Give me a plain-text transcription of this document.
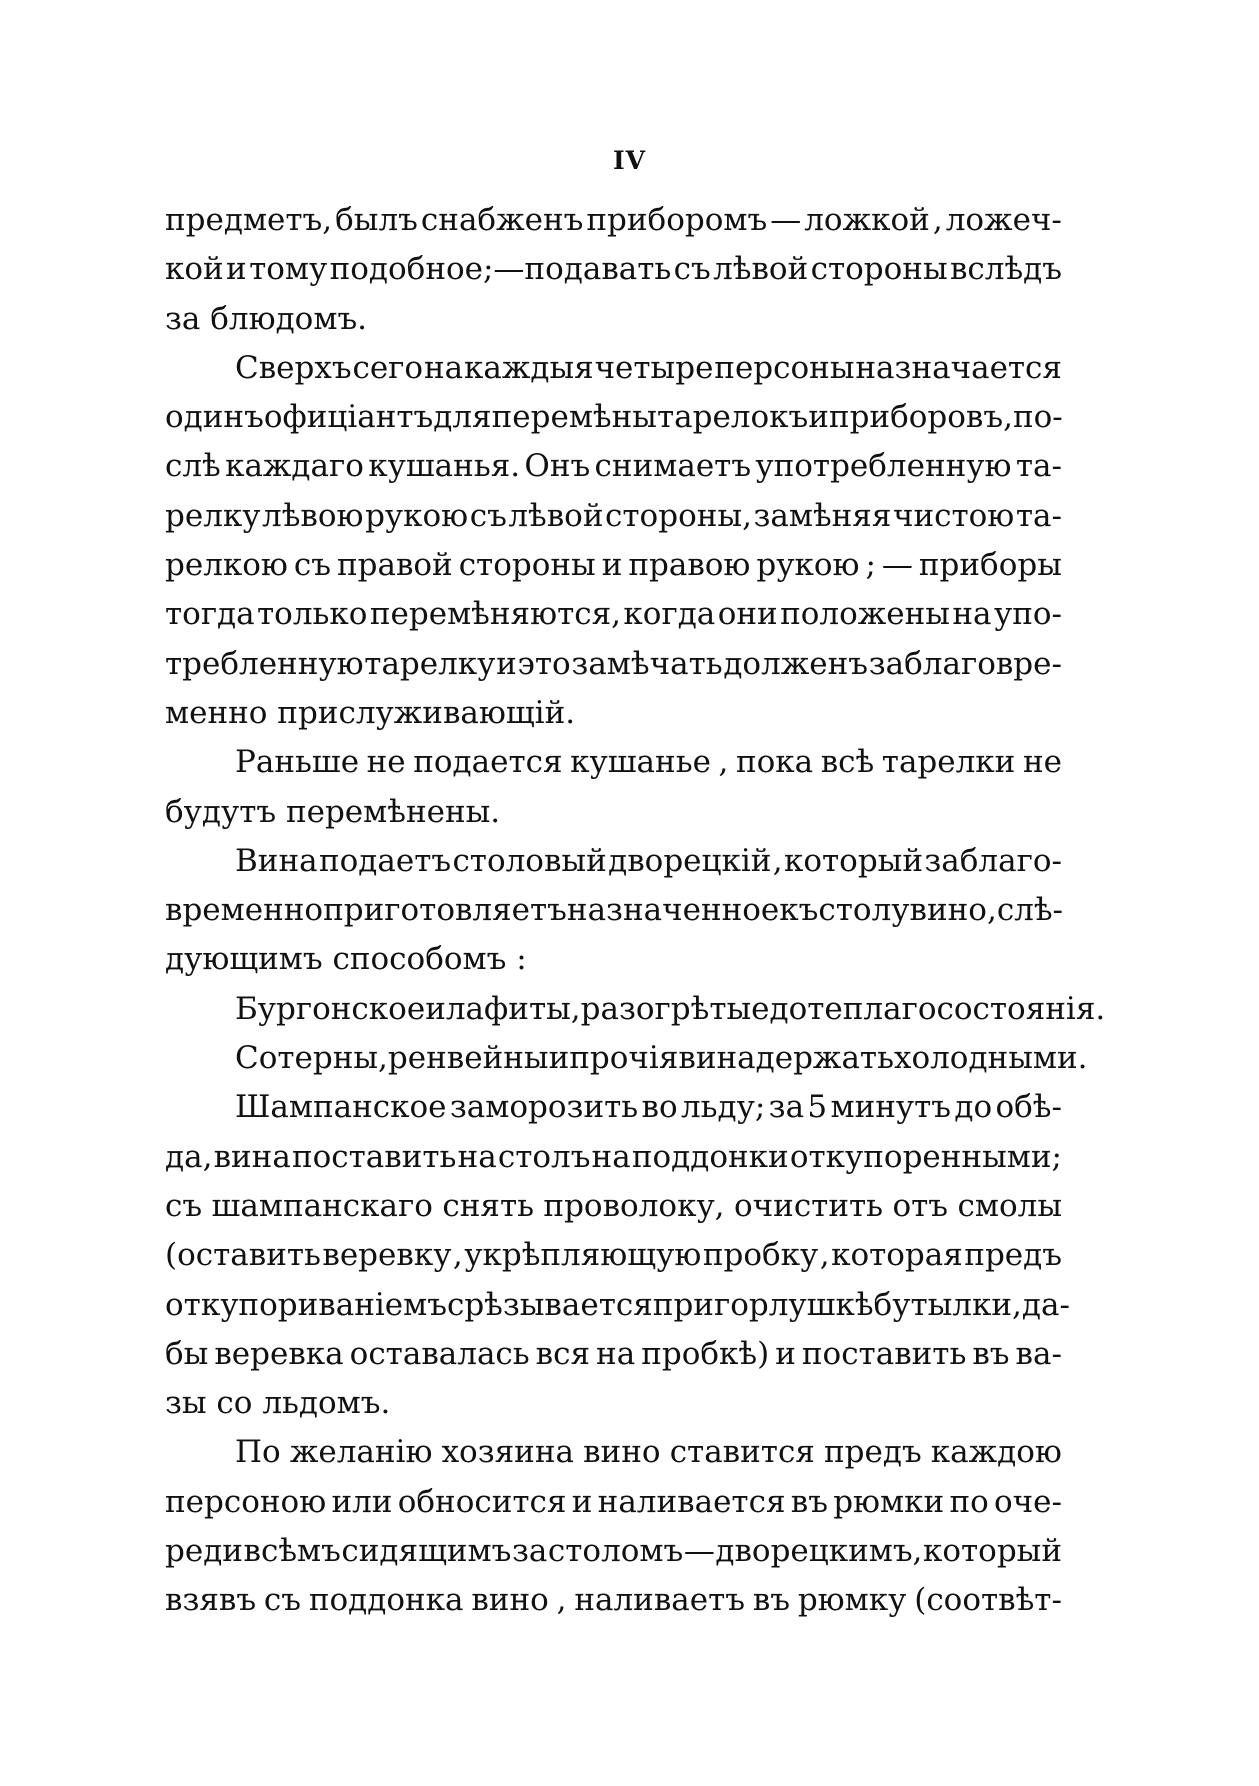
IV
предметъ, былъ снабженъ приборомъ — ложкой , ложеч-
кой и тому подобное;—подавать съ лѣвой стороны вслѣдъ
за блюдомъ.
Сверхъ сего на каждыя четыре персоны назначается
одинъ офиціантъ для перемѣны тарелокъ и приборовъ, по-
слѣ каждаго кушанья. Онъ снимаетъ употребленную та-
релку лѣвою рукою съ лѣвой стороны, замѣняя чистою та-
релкою съ правой стороны и правою рукою ; — приборы
тогда только перемѣняются, когда они положены на упо-
требленную тарелку и это замѣчать долженъ заблаговре-
менно прислуживающій.
Раньше не подается кушанье , пока всѣ тарелки не
будутъ перемѣнены.
Вина подаетъ столовый дворецкій , который заблаго-
временно приготовляетъ назначенное къ столу вино , слѣ-
дующимъ способомъ :
Бургонское и лафиты, разогрѣтые до теплаго состоянія.
Сотерны, ренвейны и прочія вина держать холодными.
Шампанское заморозить во льду; за 5 минутъ до обѣ-
да, вина поставить на столъ на поддонки откупоренными;
съ шампанскаго снять проволоку, очистить отъ смолы
(оставить веревку , укрѣпляющую пробку , которая предъ
откупориваніемъ срѣзывается при горлушкѣ бутылки , да-
бы веревка оставалась вся на пробкѣ) и поставить въ ва-
зы со льдомъ.
По желанію хозяина вино ставится предъ каждою
персоною или обносится и наливается въ рюмки по оче-
реди всѣмъ сидящимъ за столомъ — дворецкимъ, который
взявъ съ поддонка вино , наливаетъ въ рюмку (соотвѣт-
